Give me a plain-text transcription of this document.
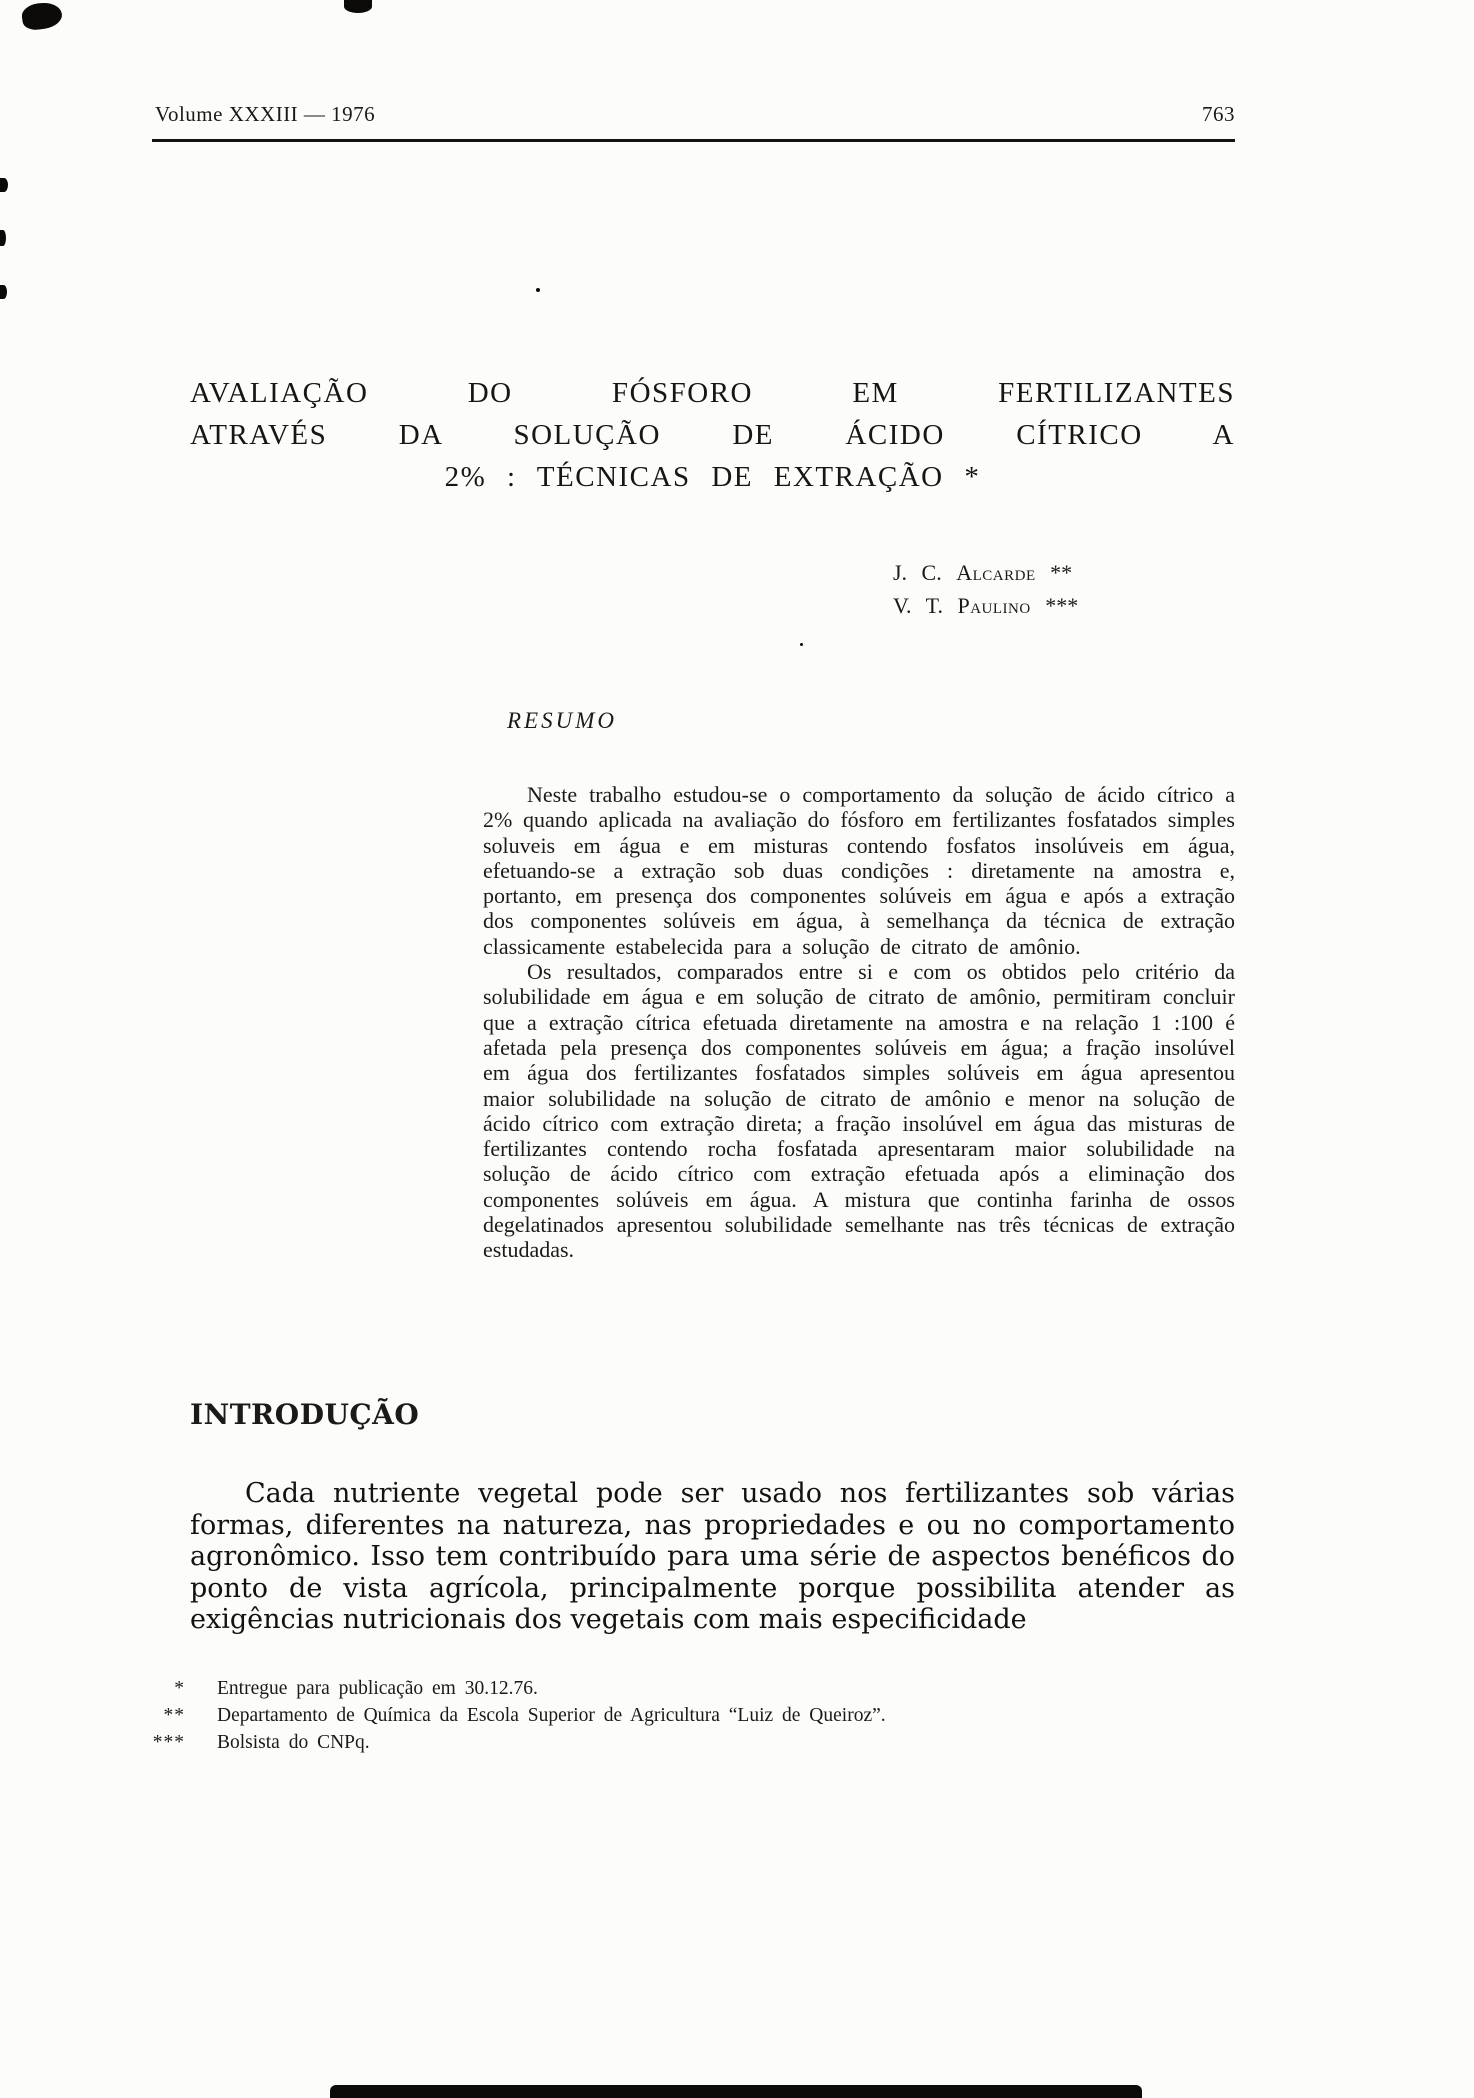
Volume XXXIII — 1976	763
AVALIAÇÃO DO FÓSFORO EM FERTILIZANTES
ATRAVÉS DA SOLUÇÃO DE ÁCIDO CÍTRICO A
2% : TÉCNICAS DE EXTRAÇÃO *
J. C. Alcarde **
V. T. Paulino ***
RESUMO

Neste trabalho estudou-se o comportamento da solução de ácido cítrico a 2% quando aplicada na avaliação do fósforo em fertilizantes fosfatados simples soluveis em água e em misturas contendo fosfatos insolúveis em água, efetuando-se a extração sob duas condições : diretamente na amostra e, portanto, em presença dos componentes solúveis em água e após a extração dos componentes solúveis em água, à semelhança da técnica de extração classicamente estabelecida para a solução de citrato de amônio.

Os resultados, comparados entre si e com os obtidos pelo critério da solubilidade em água e em solução de citrato de amônio, permitiram concluir que a extração cítrica efetuada diretamente na amostra e na relação 1 :100 é afetada pela presença dos componentes solúveis em água; a fração insolúvel em água dos fertilizantes fosfatados simples solúveis em água apresentou maior solubilidade na solução de citrato de amônio e menor na solução de ácido cítrico com extração direta; a fração insolúvel em água das misturas de fertilizantes contendo rocha fosfatada apresentaram maior solubilidade na solução de ácido cítrico com extração efetuada após a eliminação dos componentes solúveis em água. A mistura que continha farinha de ossos degelatinados apresentou solubilidade semelhante nas três técnicas de extração estudadas.

INTRODUÇÃO

Cada nutriente vegetal pode ser usado nos fertilizantes sob várias formas, diferentes na natureza, nas propriedades e ou no comportamento agronômico. Isso tem contribuído para uma série de aspectos benéficos do ponto de vista agrícola, principalmente porque possibilita atender as exigências nutricionais dos vegetais com mais especificidade

* Entregue para publicação em 30.12.76.
** Departamento de Química da Escola Superior de Agricultura “Luiz de Queiroz”.
*** Bolsista do CNPq.
